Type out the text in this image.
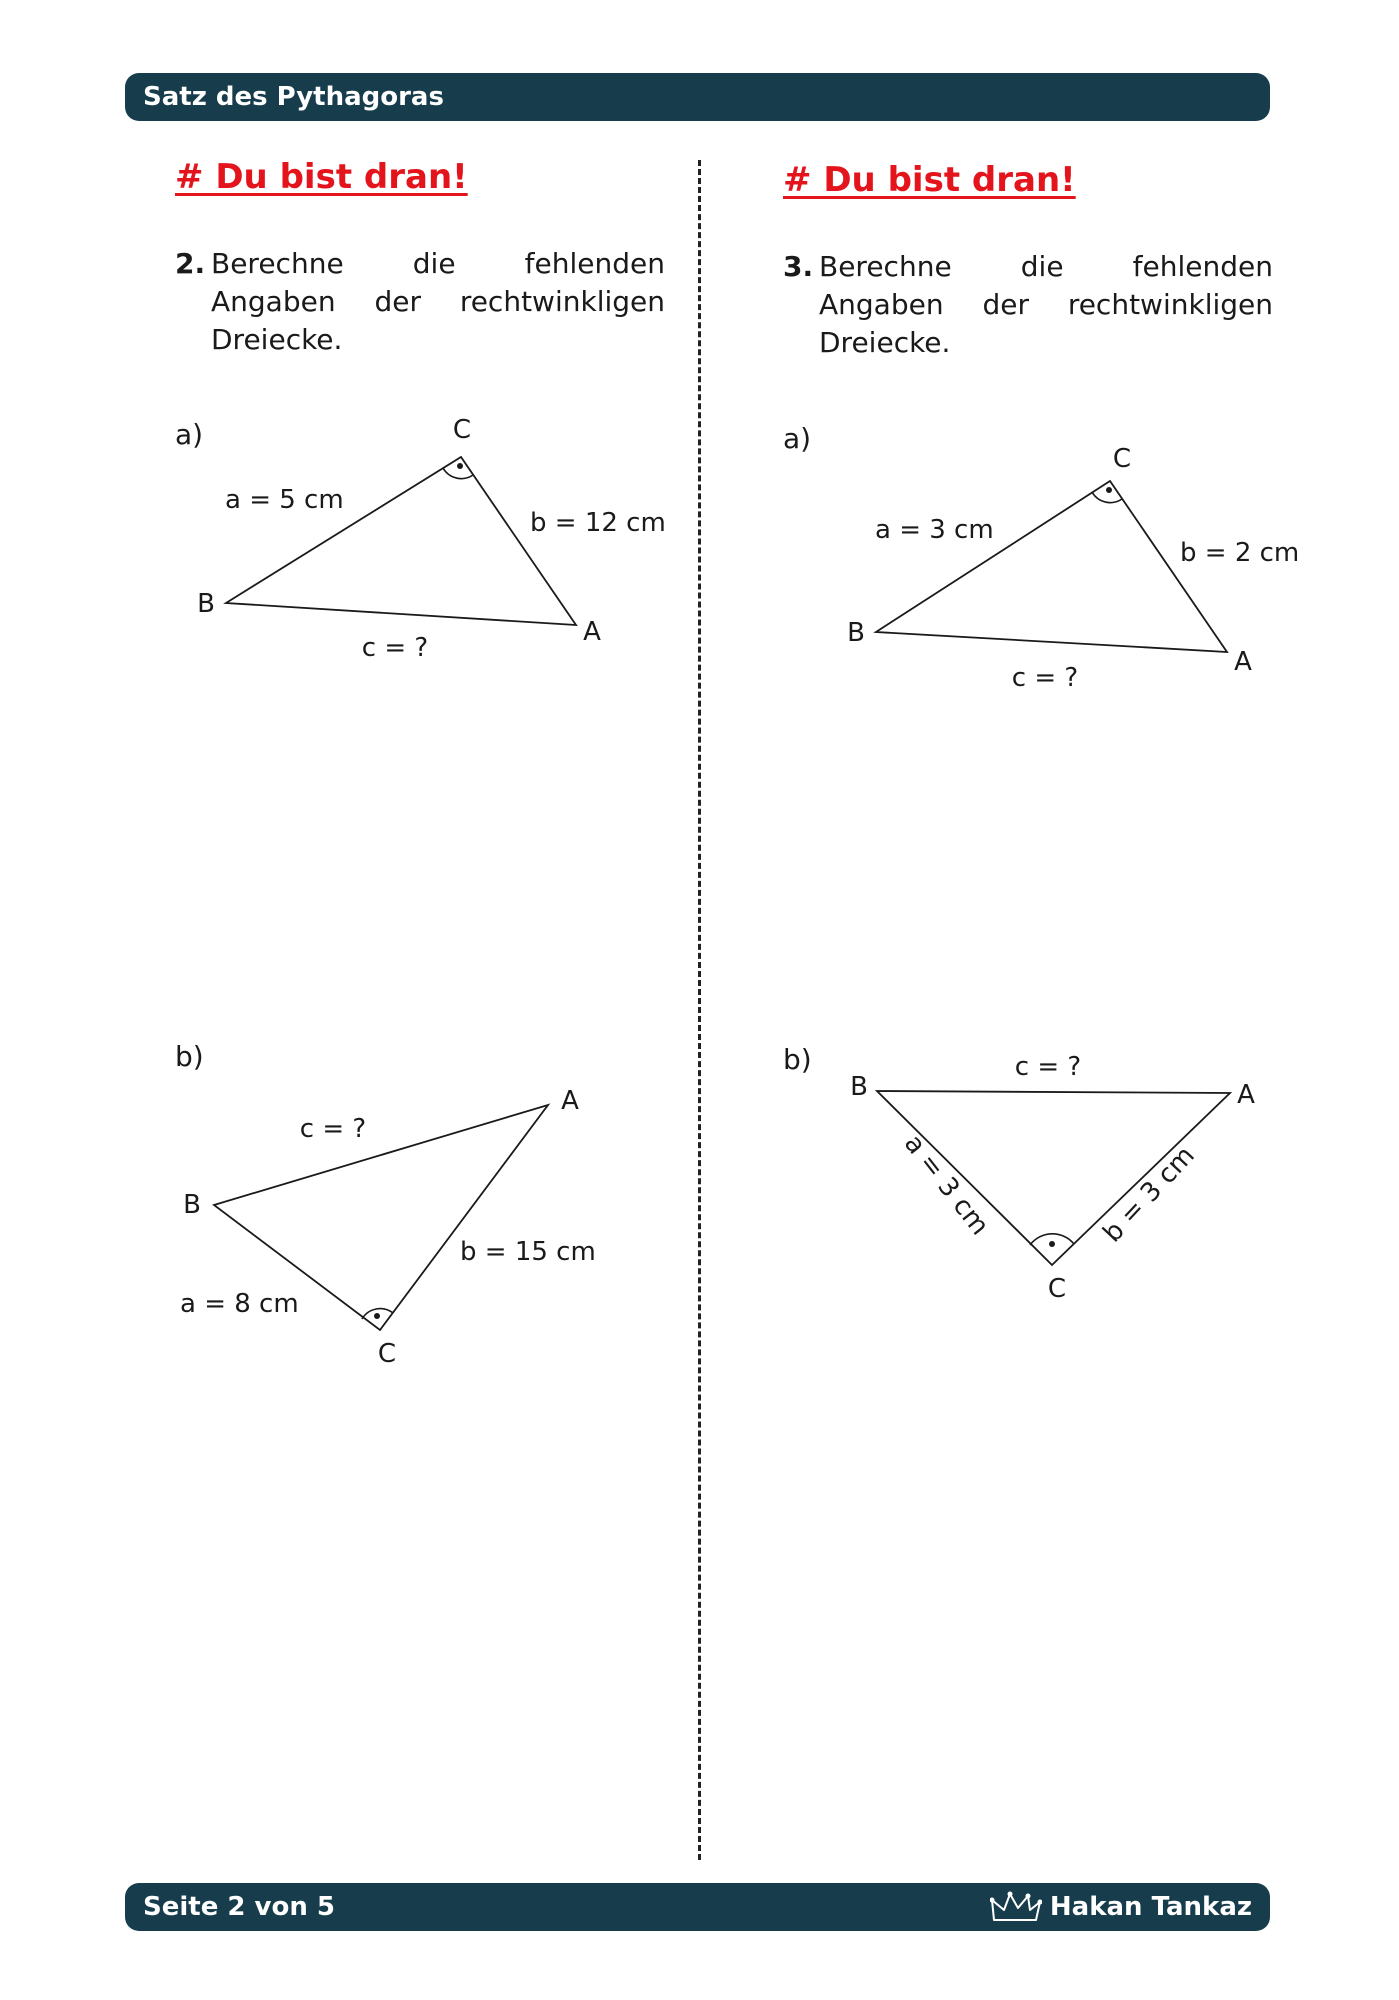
Satz des Pythagoras
# Du bist dran!
2. Berechne die fehlenden Angaben der rechtwinkligen Dreiecke.
a)
b)
# Du bist dran!
3. Berechne die fehlenden Angaben der rechtwinkligen Dreiecke.
a)
b)
C
A
B
a = 5 cm
b = 12 cm
c = ?
A
B
C
c = ?
b = 15 cm
a = 8 cm
C
A
B
a = 3 cm
b = 2 cm
c = ?
B	A
C
c = ?
a = 3 cm	b = 3 cm
Seite 2 von 5	Hakan Tankaz
